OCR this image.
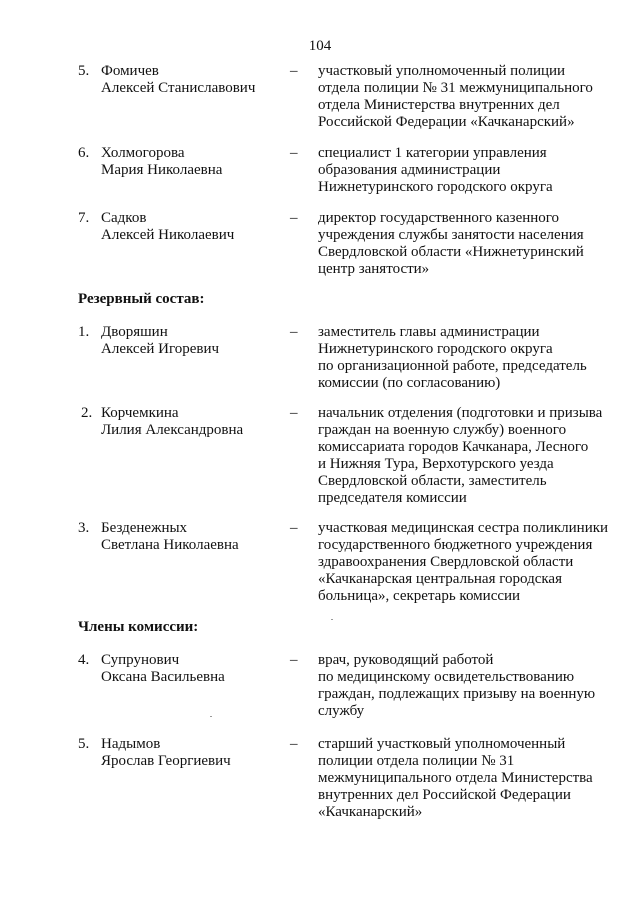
104
5. Фомичев
Алексей Станиславович
–	участковый уполномоченный полиции
отдела полиции № 31 межмуниципального
отдела Министерства внутренних дел
Российской Федерации «Качканарский»
6. Холмогорова
Мария Николаевна
–	специалист 1 категории управления
образования администрации
Нижнетуринского городского округа
7. Садков
Алексей Николаевич
–	директор государственного казенного
учреждения службы занятости населения
Свердловской области «Нижнетуринский
центр занятости»
Резервный состав:
1. Дворяшин
Алексей Игоревич
–	заместитель главы администрации
Нижнетуринского городского округа
по организационной работе, председатель
комиссии (по согласованию)
2. Корчемкина
Лилия Александровна
–	начальник отделения (подготовки и призыва
граждан на военную службу) военного
комиссариата городов Качканара, Лесного
и Нижняя Тура, Верхотурского уезда
Свердловской области, заместитель
председателя комиссии
3. Безденежных
Светлана Николаевна
–	участковая медицинская сестра поликлиники
государственного бюджетного учреждения
здравоохранения Свердловской области
«Качканарская центральная городская
больница», секретарь комиссии
Члены комиссии:
4. Супрунович
Оксана Васильевна
–	врач, руководящий работой
по медицинскому освидетельствованию
граждан, подлежащих призыву на военную
службу
5. Надымов
Ярослав Георгиевич
–	старший участковый уполномоченный
полиции отдела полиции № 31
межмуниципального отдела Министерства
внутренних дел Российской Федерации
«Качканарский»
